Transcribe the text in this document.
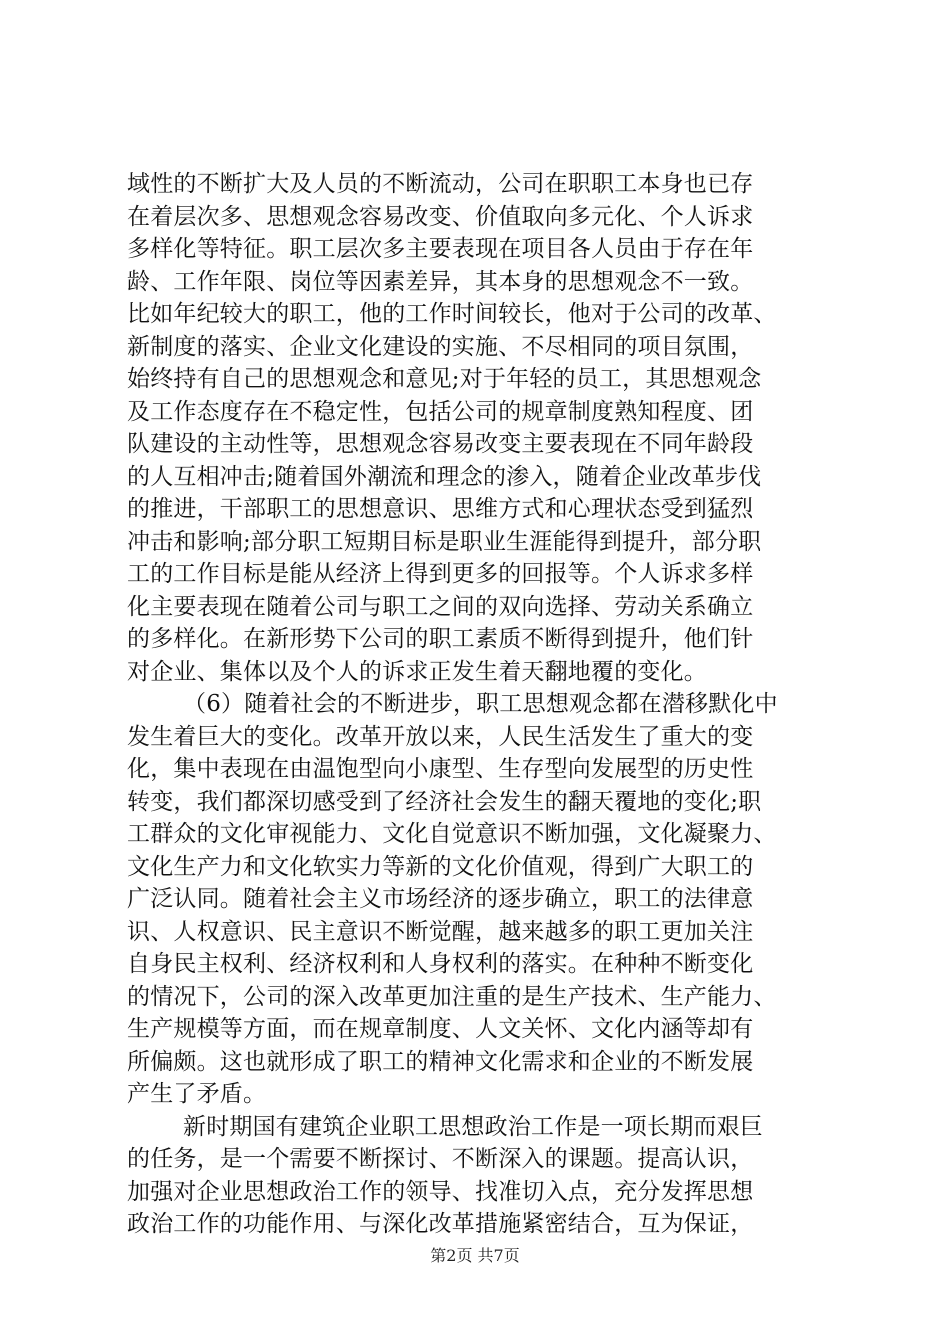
域性的不断扩大及人员的不断流动，公司在职职工本身也已存
在着层次多、思想观念容易改变、价值取向多元化、个人诉求
多样化等特征。职工层次多主要表现在项目各人员由于存在年
龄、工作年限、岗位等因素差异，其本身的思想观念不一致。
比如年纪较大的职工，他的工作时间较长，他对于公司的改革、
新制度的落实、企业文化建设的实施、不尽相同的项目氛围，
始终持有自己的思想观念和意见;对于年轻的员工，其思想观念
及工作态度存在不稳定性，包括公司的规章制度熟知程度、团
队建设的主动性等，思想观念容易改变主要表现在不同年龄段
的人互相冲击;随着国外潮流和理念的渗入，随着企业改革步伐
的推进，干部职工的思想意识、思维方式和心理状态受到猛烈
冲击和影响;部分职工短期目标是职业生涯能得到提升，部分职
工的工作目标是能从经济上得到更多的回报等。个人诉求多样
化主要表现在随着公司与职工之间的双向选择、劳动关系确立
的多样化。在新形势下公司的职工素质不断得到提升，他们针
对企业、集体以及个人的诉求正发生着天翻地覆的变化。
（6）随着社会的不断进步，职工思想观念都在潜移默化中
发生着巨大的变化。改革开放以来，人民生活发生了重大的变
化，集中表现在由温饱型向小康型、生存型向发展型的历史性
转变，我们都深切感受到了经济社会发生的翻天覆地的变化;职
工群众的文化审视能力、文化自觉意识不断加强，文化凝聚力、
文化生产力和文化软实力等新的文化价值观，得到广大职工的
广泛认同。随着社会主义市场经济的逐步确立，职工的法律意
识、人权意识、民主意识不断觉醒，越来越多的职工更加关注
自身民主权利、经济权利和人身权利的落实。在种种不断变化
的情况下，公司的深入改革更加注重的是生产技术、生产能力、
生产规模等方面，而在规章制度、人文关怀、文化内涵等却有
所偏颇。这也就形成了职工的精神文化需求和企业的不断发展
产生了矛盾。
新时期国有建筑企业职工思想政治工作是一项长期而艰巨
的任务，是一个需要不断探讨、不断深入的课题。提高认识，
加强对企业思想政治工作的领导、找准切入点，充分发挥思想
政治工作的功能作用、与深化改革措施紧密结合，互为保证，
第2页 共7页
